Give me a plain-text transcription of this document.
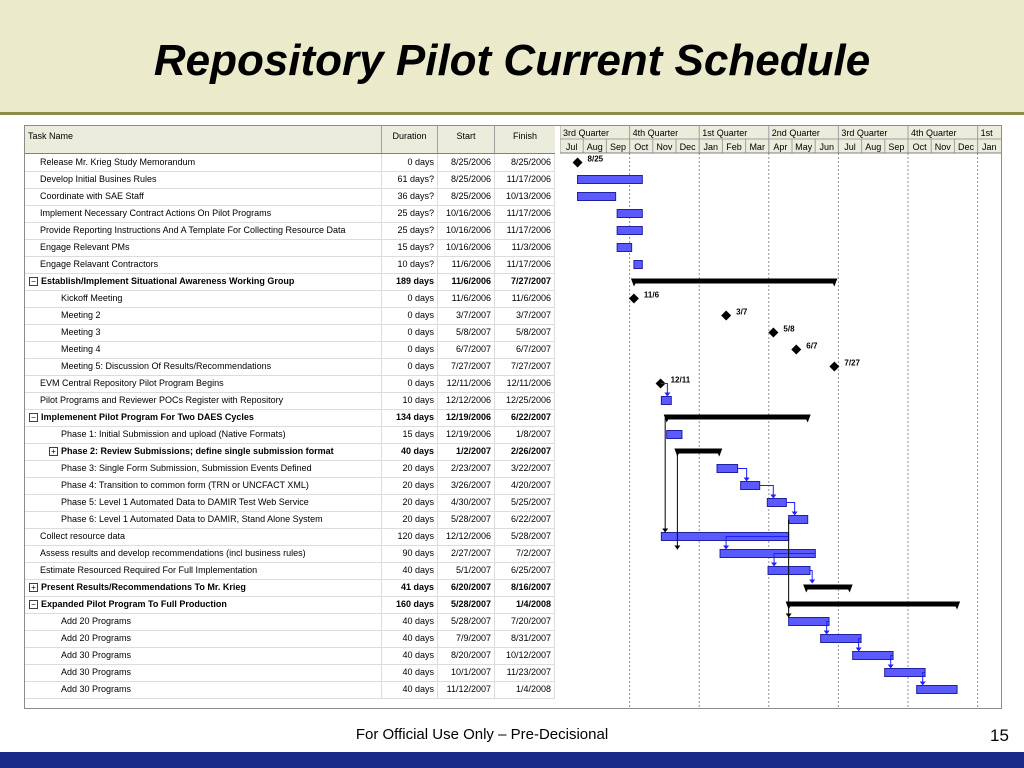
Repository Pilot Current Schedule
Task Name	Duration	Start	Finish
Release Mr. Krieg Study Memorandum	0 days	8/25/2006	8/25/2006
Develop Initial Busines Rules	61 days?	8/25/2006	11/17/2006
Coordinate with SAE Staff	36 days?	8/25/2006	10/13/2006
Implement Necessary Contract Actions On Pilot Programs	25 days?	10/16/2006	11/17/2006
Provide Reporting Instructions And A Template For Collecting Resource Data	25 days?	10/16/2006	11/17/2006
Engage Relevant PMs	15 days?	10/16/2006	11/3/2006
Engage Relavant Contractors	10 days?	11/6/2006	11/17/2006
− Establish/Implement Situational Awareness Working Group	189 days	11/6/2006	7/27/2007
Kickoff Meeting	0 days	11/6/2006	11/6/2006
Meeting 2	0 days	3/7/2007	3/7/2007
Meeting 3	0 days	5/8/2007	5/8/2007
Meeting 4	0 days	6/7/2007	6/7/2007
Meeting 5: Discussion Of Results/Recommendations	0 days	7/27/2007	7/27/2007
EVM Central Repository Pilot Program Begins	0 days	12/11/2006	12/11/2006
Pilot Programs and Reviewer POCs Register with Repository	10 days	12/12/2006	12/25/2006
− Implemenent Pilot Program For Two DAES Cycles	134 days	12/19/2006	6/22/2007
Phase 1: Initial Submission and upload (Native Formats)	15 days	12/19/2006	1/8/2007
+ Phase 2: Review Submissions; define single submission format	40 days	1/2/2007	2/26/2007
Phase 3: Single Form Submission, Submission Events Defined	20 days	2/23/2007	3/22/2007
Phase 4: Transition to common form (TRN or UNCFACT XML)	20 days	3/26/2007	4/20/2007
Phase 5: Level 1 Automated Data to DAMIR Test Web Service	20 days	4/30/2007	5/25/2007
Phase 6: Level 1 Automated Data to DAMIR, Stand Alone System	20 days	5/28/2007	6/22/2007
Collect resource data	120 days	12/12/2006	5/28/2007
Assess results and develop recommendations (incl business rules)	90 days	2/27/2007	7/2/2007
Estimate Resourced Required For Full Implementation	40 days	5/1/2007	6/25/2007
+ Present Results/Recommendations To Mr. Krieg	41 days	6/20/2007	8/16/2007
− Expanded Pilot Program To Full Production	160 days	5/28/2007	1/4/2008
Add 20 Programs	40 days	5/28/2007	7/20/2007
Add 20 Programs	40 days	7/9/2007	8/31/2007
Add 30 Programs	40 days	8/20/2007	10/12/2007
Add 30 Programs	40 days	10/1/2007	11/23/2007
Add 30 Programs	40 days	11/12/2007	1/4/2008
3rd Quarter	4th Quarter	1st Quarter	2nd Quarter 3rd Quarter	4th Quarter	1st
Jul Aug Sep Oct Nov Dec Jan Feb Mar Apr May Jun Jul Aug Sep Oct Nov Dec Jan
8/25
11/6
3/7
5/8
6/7
7/27
12/11
For Official Use Only – Pre-Decisional	15
